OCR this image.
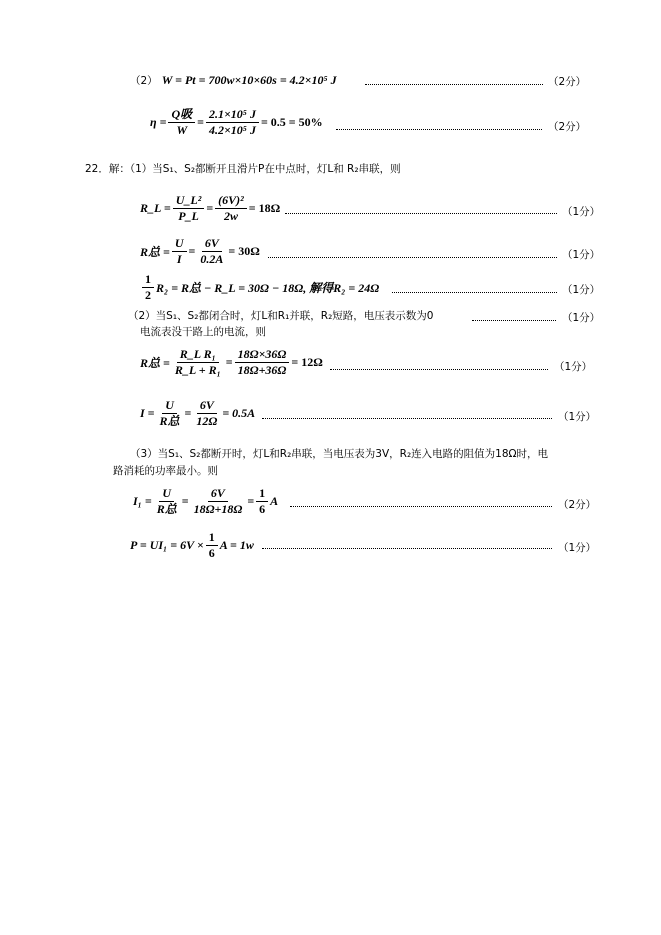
（2） W = Pt = 700w×10×60s = 4.2×10⁵ J	（2分）
$\eta = \frac{\text{Q吸}}{W} = \frac{\text{2.1×10⁵ J}}{\text{4.2×10⁵ J}} = 0.5 = 50\%$	（2分）
22．解：（1）当S₁、S₂都断开且滑片P在中点时，灯L和 R₂串联，则
R_L = $\frac{\text{U\_L²}}{P\_L} = \frac{\text{(6V)²}}{2w} = 18\Omega$	（1分）
R总 = $\frac{U}{I} = \frac{6V}{0.2A} = 30\Omega$	（1分）
$\frac{1}{2} R_2 = R$总 − R_L = 30Ω − 18Ω, 解得R₂ = 24Ω	（1分）
（2）当S₁、S₂都闭合时，灯L和R₁并联，R₂短路，电压表示数为0	（1分）
电流表没干路上的电流，则
R总 = $\frac{\text{R\_L R₁}}{\text{R\_L + R₁}} = \frac{18\Omega\times 36\Omega}{18\Omega+36\Omega} = 12\Omega$	（1分）
$I = \frac{U}{\text{R总}} = \frac{6V}{12\Omega} = 0.5A$	（1分）
（3）当S₁、S₂都断开时，灯L和R₂串联，当电压表为3V，R₂连入电路的阻值为18Ω时，电
路消耗的功率最小。则
$I_1 = \frac{U}{\text{R总}} = \frac{6V}{18\Omega+18\Omega} = \frac{1}{6}$ A	（2分）
$P = UI_1 = 6V \times \frac{1}{6}$ A = 1w	（1分）
